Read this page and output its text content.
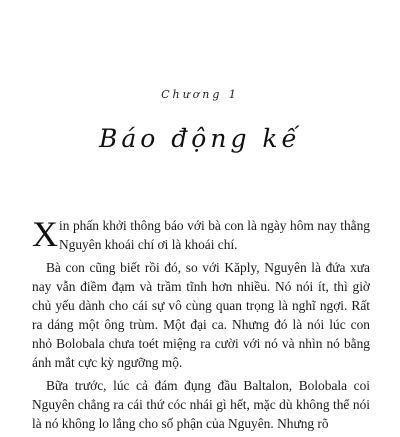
Chương 1
Báo động kế

Xin phấn khởi thông báo với bà con là ngày hôm nay thằng Nguyên khoái chí ơi là khoái chí.

Bà con cũng biết rồi đó, so với Kăply, Nguyên là đứa xưa nay vẫn điềm đạm và trầm tĩnh hơn nhiều. Nó nói ít, thì giờ chủ yếu dành cho cái sự vô cùng quan trọng là nghĩ ngợi. Rất ra dáng một ông trùm. Một đại ca. Nhưng đó là nói lúc con nhỏ Bolobala chưa toét miệng ra cười với nó và nhìn nó bằng ánh mắt cực kỳ ngưỡng mộ.

Bữa trước, lúc cả đám đụng đầu Baltalon, Bolobala coi Nguyên chẳng ra cái thứ cóc nhái gì hết, mặc dù không thể nói là nó không lo lắng cho số phận của Nguyên. Nhưng rõ
